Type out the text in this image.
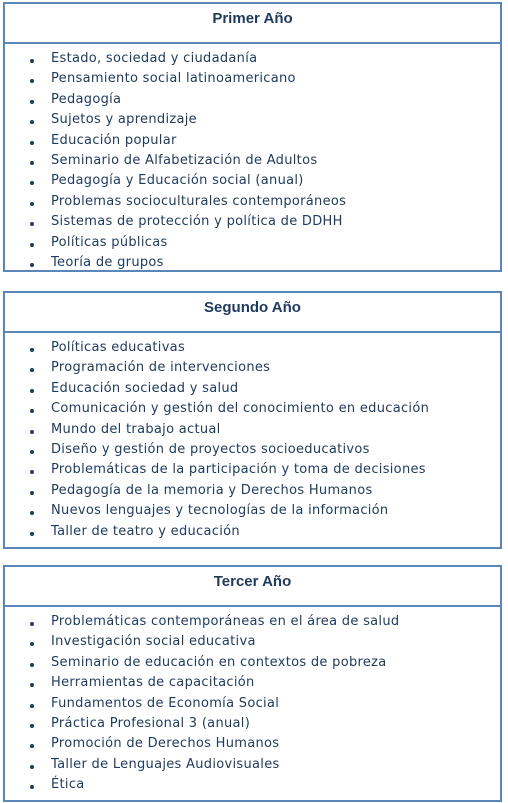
Primer Año
Estado, sociedad y ciudadanía
Pensamiento social latinoamericano
Pedagogía
Sujetos y aprendizaje
Educación popular
Seminario de Alfabetización de Adultos
Pedagogía y Educación social (anual)
Problemas socioculturales contemporáneos
Sistemas de protección y política de DDHH
Políticas públicas
Teoría de grupos
Segundo Año
Políticas educativas
Programación de intervenciones
Educación sociedad y salud
Comunicación y gestión del conocimiento en educación
Mundo del trabajo actual
Diseño y gestión de proyectos socioeducativos
Problemáticas de la participación y toma de decisiones
Pedagogía de la memoria y Derechos Humanos
Nuevos lenguajes y tecnologías de la información
Taller de teatro y educación
Tercer Año
Problemáticas contemporáneas en el área de salud
Investigación social educativa
Seminario de educación en contextos de pobreza
Herramientas de capacitación
Fundamentos de Economía Social
Práctica Profesional 3 (anual)
Promoción de Derechos Humanos
Taller de Lenguajes Audiovisuales
Ética
